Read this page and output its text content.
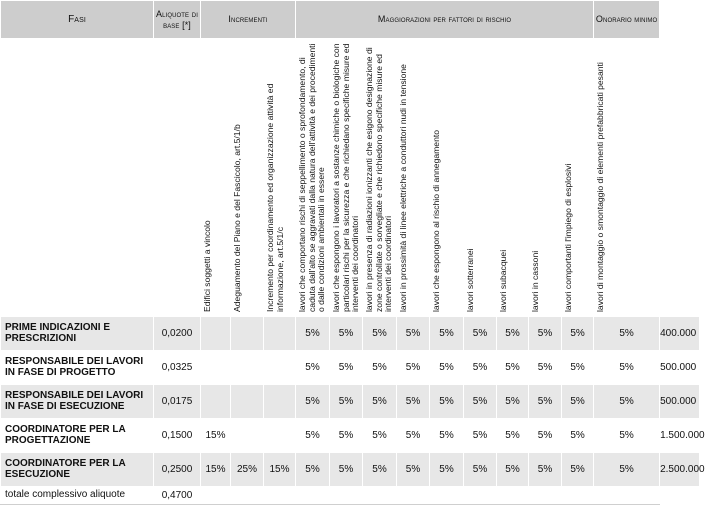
Fasi	Aliquote di base [*]	Incrementi			Maggiorazioni per fattori di rischio									Onorario minimo	

		Edifici soggetti a vincolo	Adeguamento del Piano e del Fascicolo, art.5/1/b	Incremento per coordinamento ed organizzazione attività ed informazione, art.5/1/c	lavori che comportano rischi di seppellimento o sprofondamento, di caduta dall'alto se aggravati dalla natura dell'attività e dei procedimenti o dalle condizioni ambientali in essere	lavori che espongono i lavoratori a sostanze chimiche o biologiche con particolari rischi per la sicurezza e che richiedano specifiche misure ed interventi dei coordinatori	lavori in presenza di radiazioni ionizzanti che esigono designazione di zone controllate o sorvegliate e che richiedono specifiche misure ed interventi dei coordinatori	lavori in prossimità di linee elettriche a conduttori nudi in tensione	lavori che espongono al rischio di annegamento	lavori sotterranei	lavori subacquei	lavori in cassoni	lavori comportanti l'impiego di esplosivi	lavori di montaggio o smontaggio di elementi prefabbricati pesanti	

PRIME INDICAZIONI E PRESCRIZIONI	0,0200				5%	5%	5%	5%	5%	5%	5%	5%	5%	5%	400.000
RESPONSABILE DEI LAVORI IN FASE DI PROGETTO	0,0325				5%	5%	5%	5%	5%	5%	5%	5%	5%	5%	500.000
RESPONSABILE DEI LAVORI IN FASE DI ESECUZIONE	0,0175				5%	5%	5%	5%	5%	5%	5%	5%	5%	5%	500.000
COORDINATORE PER LA PROGETTAZIONE	0,1500	15%			5%	5%	5%	5%	5%	5%	5%	5%	5%	5%	1.500.000
COORDINATORE PER LA ESECUZIONE	0,2500	15%	25%	15%	5%	5%	5%	5%	5%	5%	5%	5%	5%	5%	2.500.000
totale complessivo aliquote	0,4700														
